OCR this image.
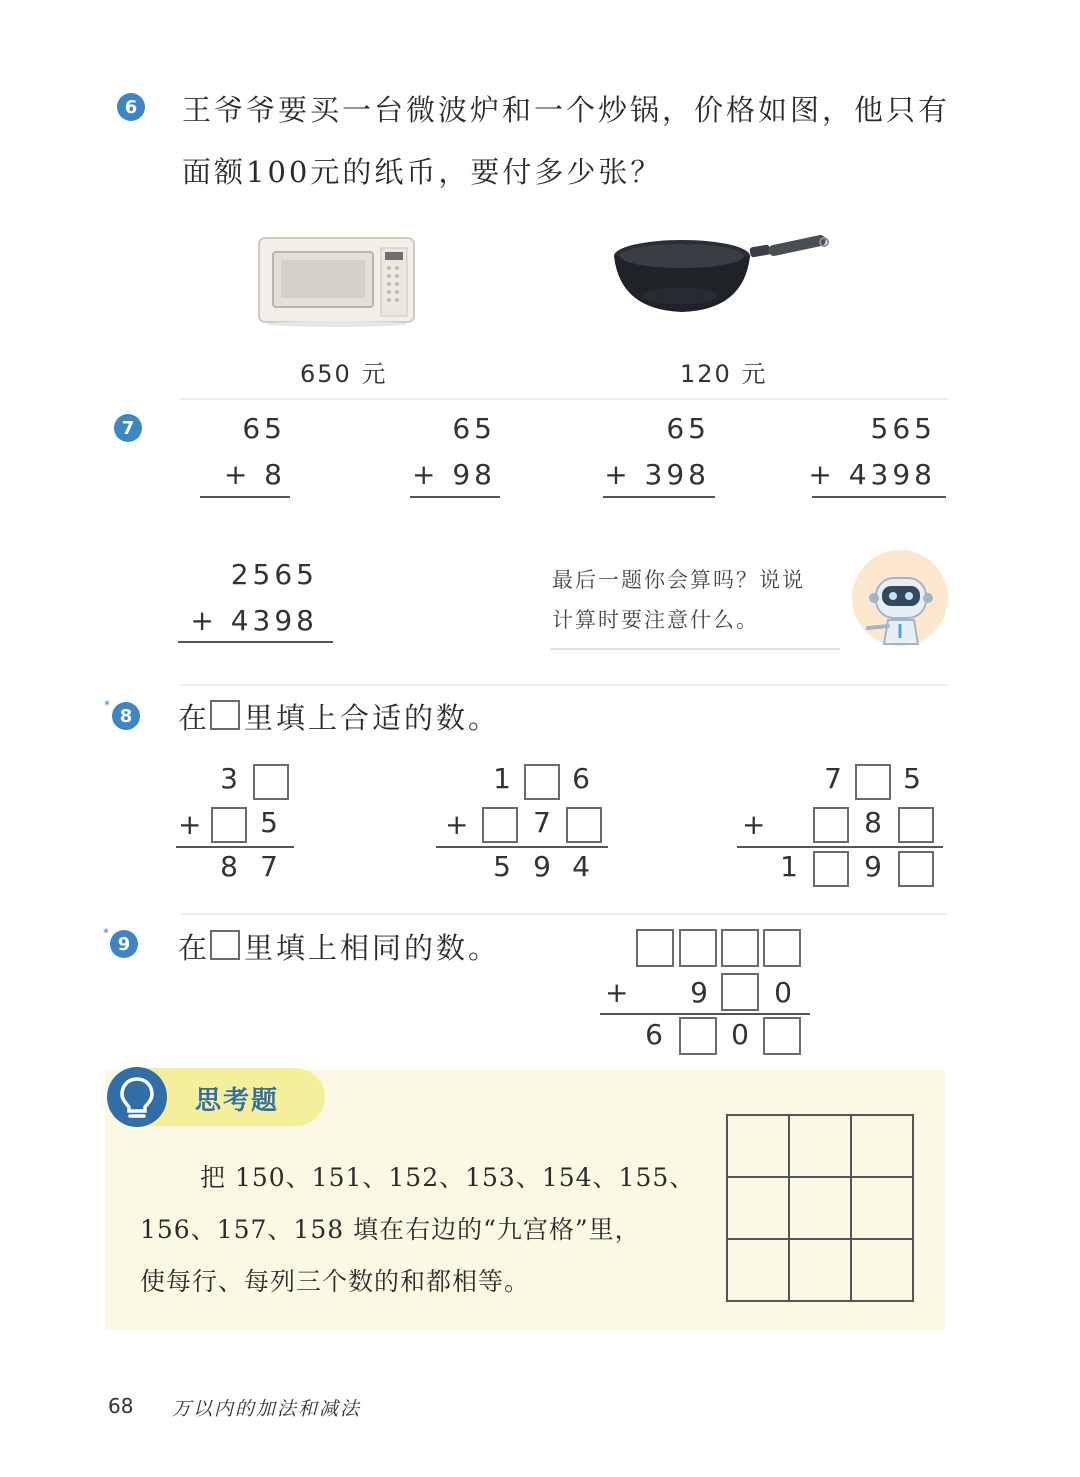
6 王爷爷要买一台微波炉和一个炒锅，价格如图，他只有
面额100元的纸币，要付多少张？
650 元	120 元
7	65
+ 8
65
+ 98
65
+ 398
565
+ 4398
2565
+ 4398
最后一题你会算吗？说说
计算时要注意什么。
*
8 在 里填上合适的数。
3
+	5
8 7
1	6
+	7
5 9 4
7	5
+	8
1	9
*
9 在 里填上相同的数。
+	9	0
6	0
思考题
把 150、151、152、153、154、155、
156、157、158 填在右边的“九宫格”里，
使每行、每列三个数的和都相等。
68 万以内的加法和减法
